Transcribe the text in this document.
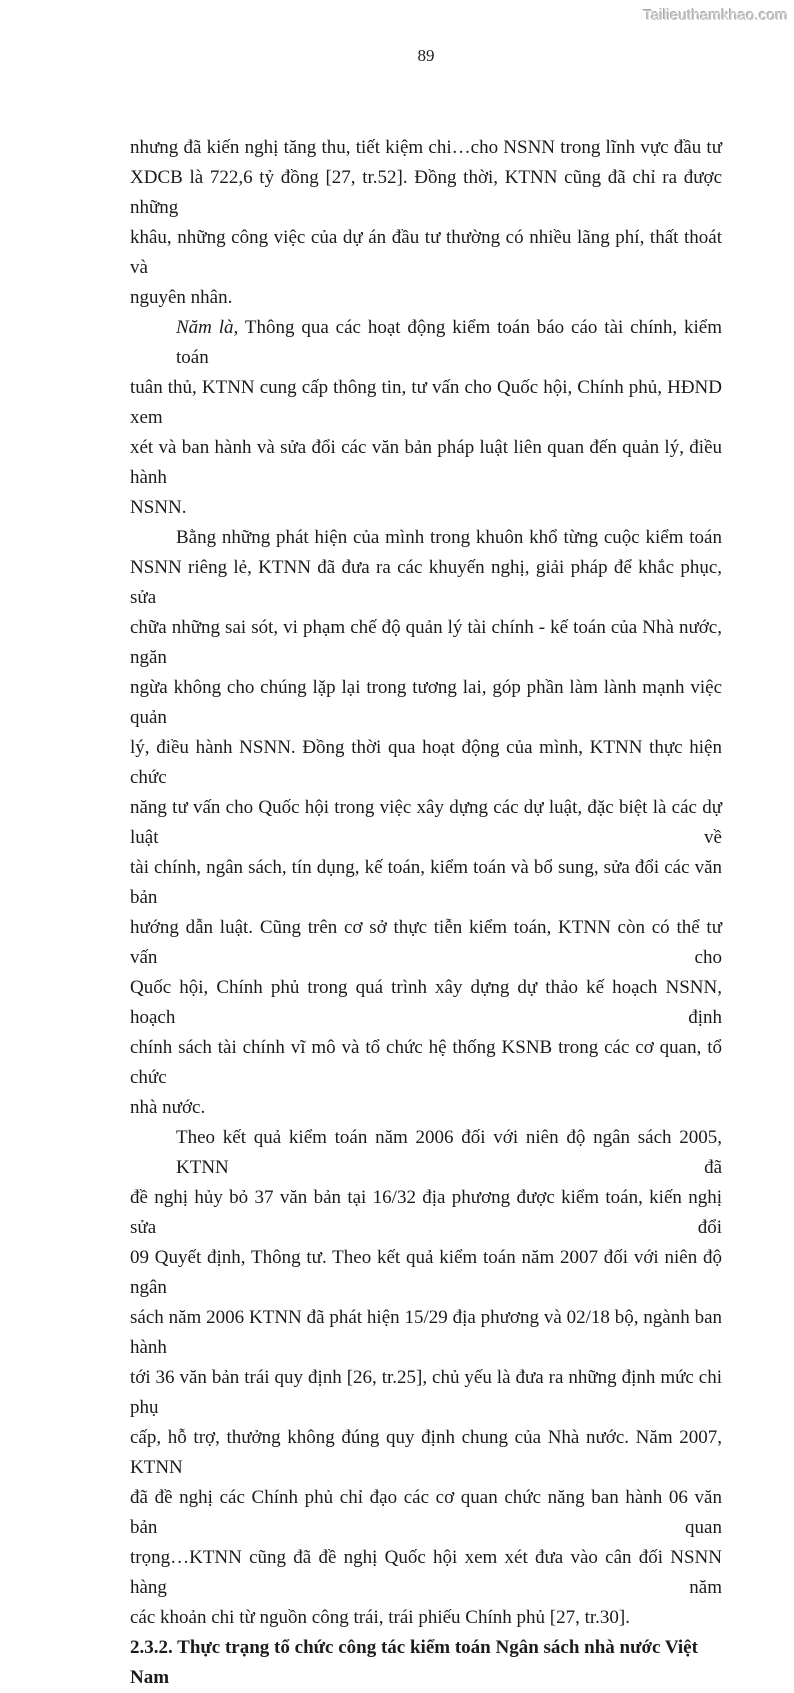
Tailieuthamkhao.com
89
nhưng đã kiến nghị tăng thu, tiết kiệm chi…cho NSNN trong lĩnh vực đầu tư
XDCB là 722,6 tỷ đồng [27, tr.52]. Đồng thời, KTNN cũng đã chỉ ra được những
khâu, những công việc của dự án đầu tư thường có nhiều lãng phí, thất thoát và
nguyên nhân.
Năm là, Thông qua các hoạt động kiểm toán báo cáo tài chính, kiểm toán
tuân thủ, KTNN cung cấp thông tin, tư vấn cho Quốc hội, Chính phủ, HĐND xem
xét và ban hành và sửa đổi các văn bản pháp luật liên quan đến quản lý, điều hành
NSNN.
Bằng những phát hiện của mình trong khuôn khổ từng cuộc kiểm toán
NSNN riêng lẻ, KTNN đã đưa ra các khuyến nghị, giải pháp để khắc phục, sửa
chữa những sai sót, vi phạm chế độ quản lý tài chính - kế toán của Nhà nước, ngăn
ngừa không cho chúng lặp lại trong tương lai, góp phần làm lành mạnh việc quản
lý, điều hành NSNN. Đồng thời qua hoạt động của mình, KTNN thực hiện chức
năng tư vấn cho Quốc hội trong việc xây dựng các dự luật, đặc biệt là các dự luật về
tài chính, ngân sách, tín dụng, kế toán, kiểm toán và bổ sung, sửa đổi các văn bản
hướng dẫn luật. Cũng trên cơ sở thực tiễn kiểm toán, KTNN còn có thể tư vấn cho
Quốc hội, Chính phủ trong quá trình xây dựng dự thảo kế hoạch NSNN, hoạch định
chính sách tài chính vĩ mô và tổ chức hệ thống KSNB trong các cơ quan, tổ chức
nhà nước.
Theo kết quả kiểm toán năm 2006 đối với niên độ ngân sách 2005, KTNN đã
đề nghị hủy bỏ 37 văn bản tại 16/32 địa phương được kiểm toán, kiến nghị sửa đổi
09 Quyết định, Thông tư. Theo kết quả kiểm toán năm 2007 đối với niên độ ngân
sách năm 2006 KTNN đã phát hiện 15/29 địa phương và 02/18 bộ, ngành ban hành
tới 36 văn bản trái quy định [26, tr.25], chủ yếu là đưa ra những định mức chi phụ
cấp, hỗ trợ, thưởng không đúng quy định chung của Nhà nước. Năm 2007, KTNN
đã đề nghị các Chính phủ chỉ đạo các cơ quan chức năng ban hành 06 văn bản quan
trọng…KTNN cũng đã đề nghị Quốc hội xem xét đưa vào cân đối NSNN hàng năm
các khoản chi từ nguồn công trái, trái phiếu Chính phủ [27, tr.30].
2.3.2. Thực trạng tổ chức công tác kiểm toán Ngân sách nhà nước Việt Nam
